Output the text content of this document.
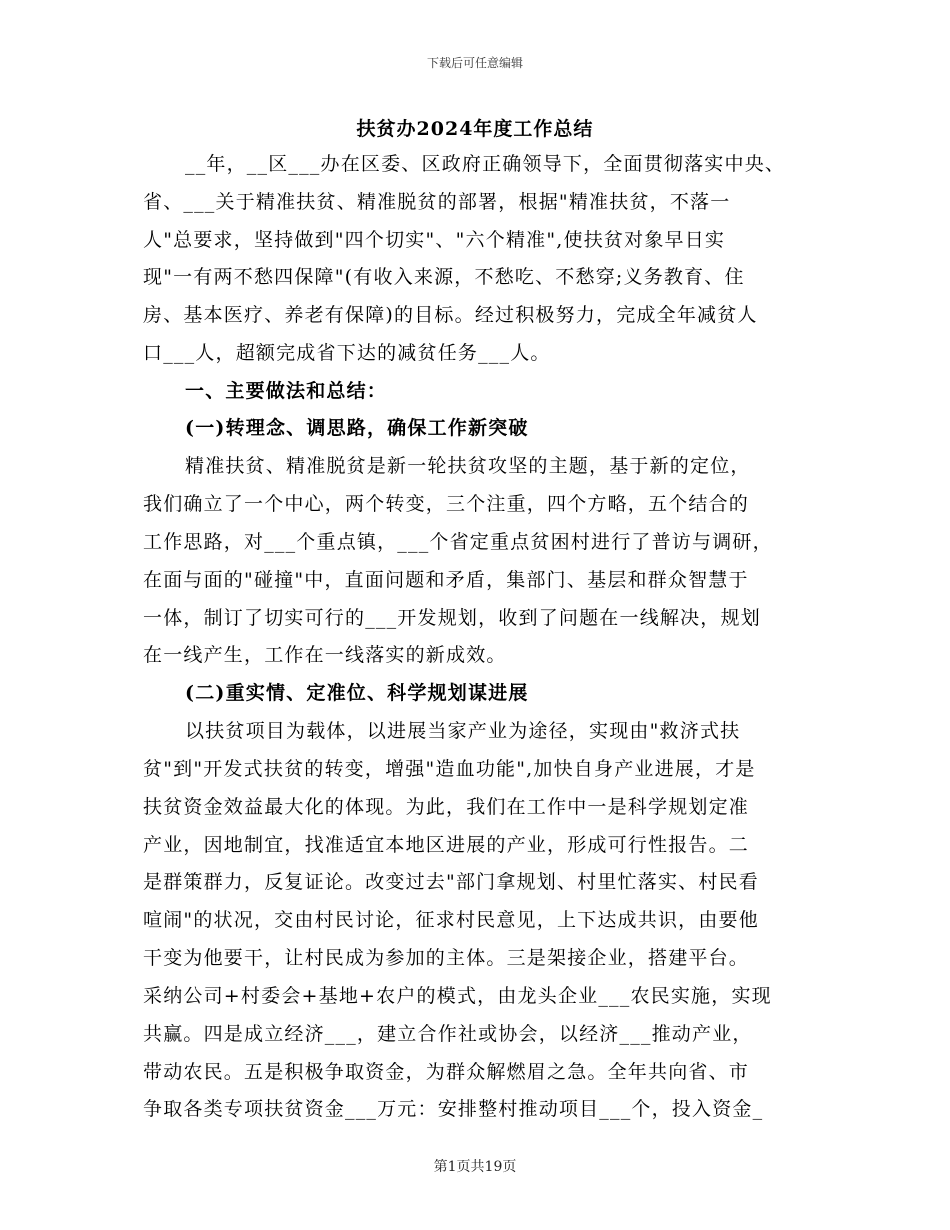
下载后可任意编辑
扶贫办2024年度工作总结
__年，__区___办在区委、区政府正确领导下，全面贯彻落实中央、
省、___关于精准扶贫、精准脱贫的部署，根据"精准扶贫，不落一
人"总要求，坚持做到"四个切实"、"六个精准",使扶贫对象早日实
现"一有两不愁四保障"(有收入来源，不愁吃、不愁穿;义务教育、住
房、基本医疗、养老有保障)的目标。经过积极努力，完成全年减贫人
口___人，超额完成省下达的减贫任务___人。
一、主要做法和总结：
(一)转理念、调思路，确保工作新突破
精准扶贫、精准脱贫是新一轮扶贫攻坚的主题，基于新的定位，
我们确立了一个中心，两个转变，三个注重，四个方略，五个结合的
工作思路，对___个重点镇，___个省定重点贫困村进行了普访与调研，
在面与面的"碰撞"中，直面问题和矛盾，集部门、基层和群众智慧于
一体，制订了切实可行的___开发规划，收到了问题在一线解决，规划
在一线产生，工作在一线落实的新成效。
(二)重实情、定准位、科学规划谋进展
以扶贫项目为载体，以进展当家产业为途径，实现由"救济式扶
贫"到"开发式扶贫的转变，增强"造血功能",加快自身产业进展，才是
扶贫资金效益最大化的体现。为此，我们在工作中一是科学规划定准
产业，因地制宜，找准适宜本地区进展的产业，形成可行性报告。二
是群策群力，反复证论。改变过去"部门拿规划、村里忙落实、村民看
喧闹"的状况，交由村民讨论，征求村民意见，上下达成共识，由要他
干变为他要干，让村民成为参加的主体。三是架接企业，搭建平台。
采纳公司+村委会+基地+农户的模式，由龙头企业___农民实施，实现
共赢。四是成立经济___，建立合作社或协会，以经济___推动产业，
带动农民。五是积极争取资金，为群众解燃眉之急。全年共向省、市
争取各类专项扶贫资金___万元：安排整村推动项目___个，投入资金_
第1页共19页
